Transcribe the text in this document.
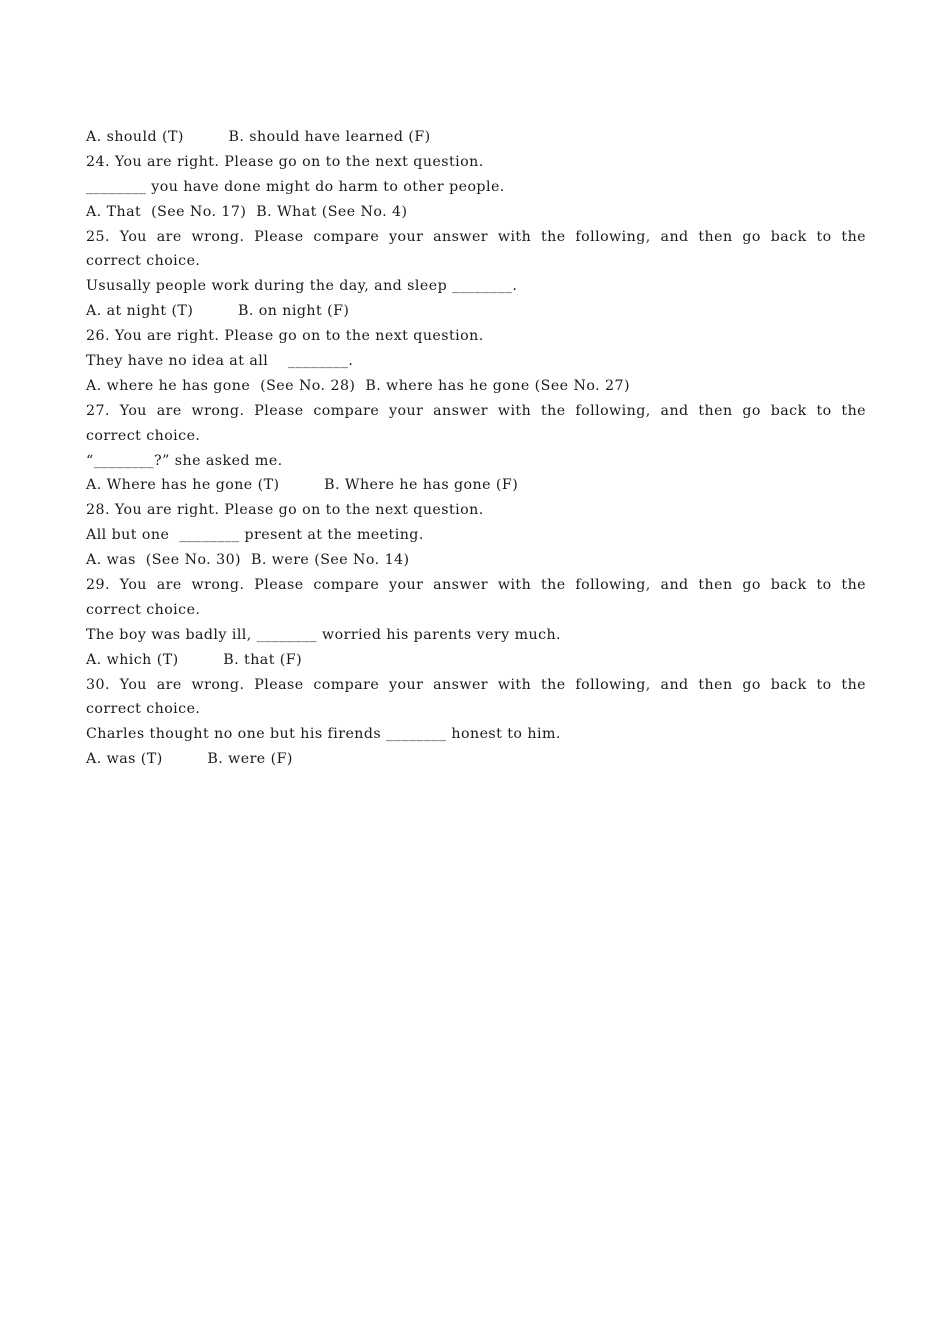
A. should (T)         B. should have learned (F)
24. You are right. Please go on to the next question.
________ you have done might do harm to other people.
A. That  (See No. 17)  B. What (See No. 4)
25. You are wrong. Please compare your answer with the following, and then go back to the
correct choice.
Ususally people work during the day, and sleep ________.
A. at night (T)         B. on night (F)
26. You are right. Please go on to the next question.
They have no idea at all    ________.
A. where he has gone  (See No. 28)  B. where has he gone (See No. 27)
27. You are wrong. Please compare your answer with the following, and then go back to the
correct choice.
“________?” she asked me.
A. Where has he gone (T)         B. Where he has gone (F)
28. You are right. Please go on to the next question.
All but one  ________ present at the meeting.
A. was  (See No. 30)  B. were (See No. 14)
29. You are wrong. Please compare your answer with the following, and then go back to the
correct choice.
The boy was badly ill, ________ worried his parents very much.
A. which (T)         B. that (F)
30. You are wrong. Please compare your answer with the following, and then go back to the
correct choice.
Charles thought no one but his firends ________ honest to him.
A. was (T)         B. were (F)
